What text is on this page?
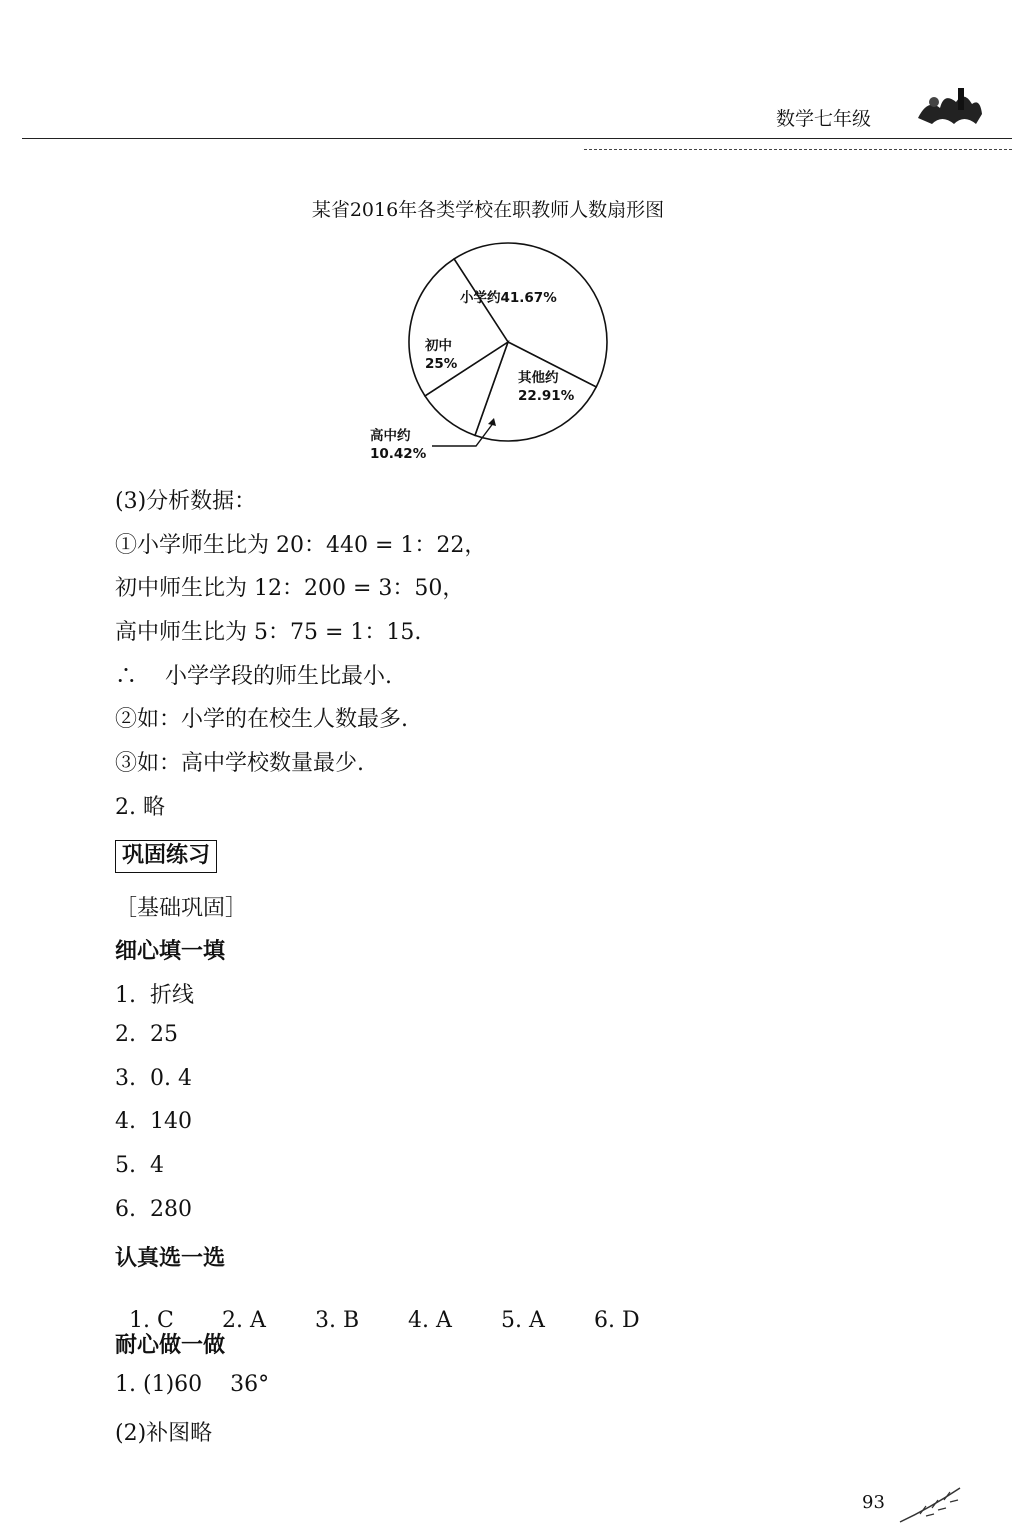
数学七年级
某省2016年各类学校在职教师人数扇形图
小学约41.67%
其他约
22.91%
高中约
10.42%
初中
25%
(3)分析数据：
①小学师生比为 20：440 = 1：22，
初中师生比为 12：200 = 3：50，
高中师生比为 5：75 = 1：15.
∴    小学学段的师生比最小.
②如：小学的在校生人数最多.
③如：高中学校数量最少.
2. 略
巩固练习
［基础巩固］
细心填一填
1.  折线
2.  25
3.  0. 4
4.  140
5.  4
6.  280
认真选一选

1. C 2. A 3. B 4. A 5. A 6. D

耐心做一做
1. (1)60    36°
(2)补图略
93
